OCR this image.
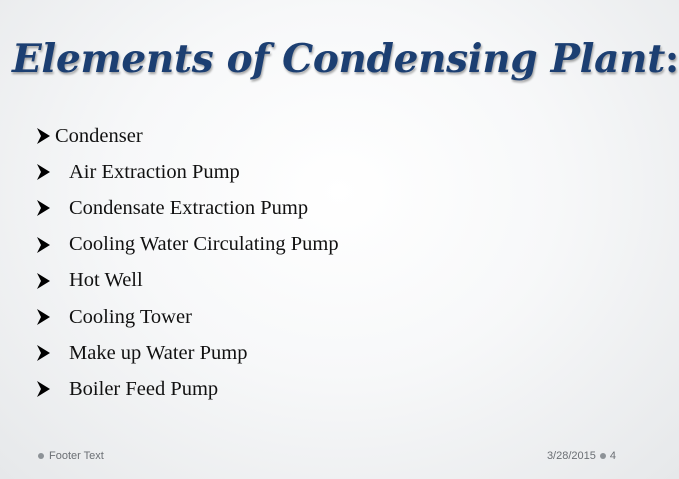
Elements of Condensing Plant:
Condenser
Air Extraction Pump
Condensate Extraction Pump
Cooling Water Circulating Pump
Hot Well
Cooling Tower
Make up Water Pump
Boiler Feed Pump
Footer Text	3/28/2015 4
